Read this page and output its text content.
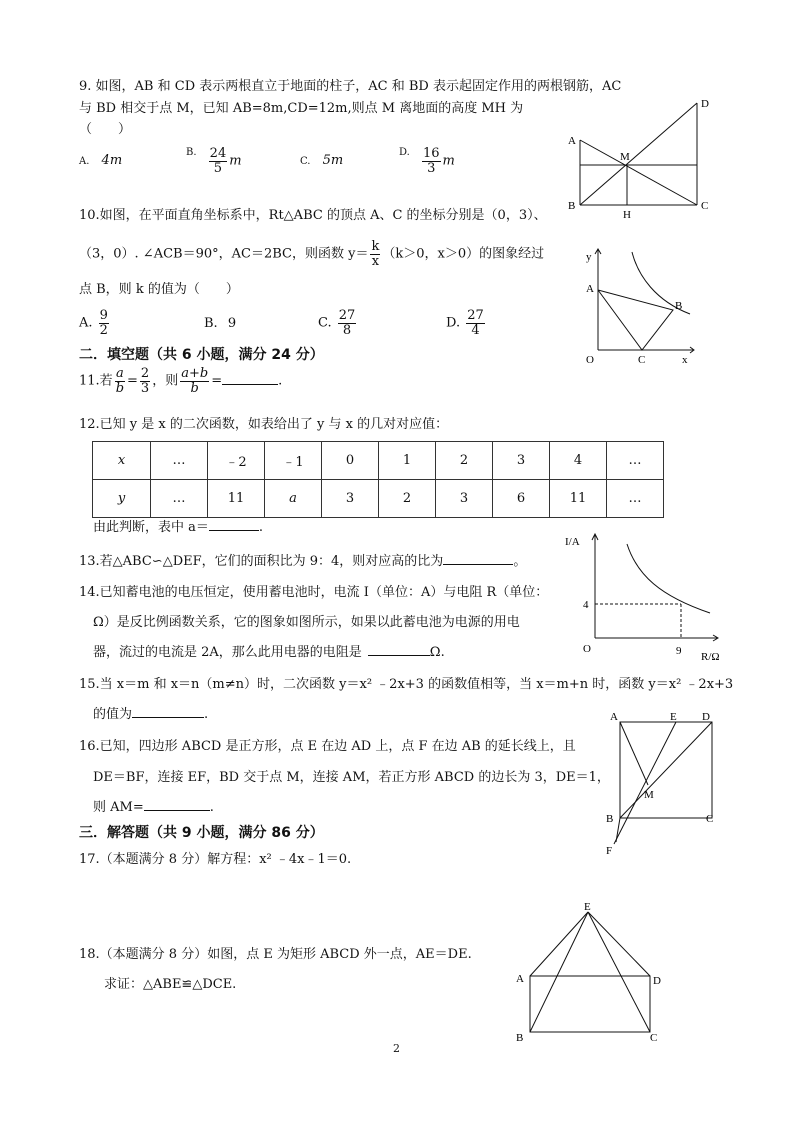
9. 如图，AB 和 CD 表示两根直立于地面的柱子，AC 和 BD 表示起固定作用的两根钢筋，AC
与 BD 相交于点 M，已知 AB=8m,CD=12m,则点 M 离地面的高度 MH 为
（　　）
A. 4m
$^{B.} \frac{24}{5}$ m	C. 5m
$^{D.} \frac{16}{3}$ m
A
B	C
D
M
H
10.如图，在平面直角坐标系中，Rt△ABC 的顶点 A、C 的坐标分别是（0，3）、
（3，0）. ∠ACB＝90°，AC＝2BC，则函数 $y= \frac{k}{x} (k>0$，x＞0）的图象经过
点 B，则 k 的值为（　　）
A. $\frac{9}{2}$	B. 9	C. $\frac{27}{8}$	D. $\frac{27}{4}$
y
x
O
A
B
C
二．填空题（共 6 小题，满分 24 分）
11.若 $\frac{a}{b} = \frac{2}{3}$ ，则 $\frac{a+b}{b}$ =	.
12.已知 y 是 x 的二次函数，如表给出了 y 与 x 的几对对应值：
x	…	﹣2	﹣1	0	1	2	3	4	…
y	…	11	a	3	2	3	6	11	…
由此判断，表中 a＝	.
13.若△ABC∽△DEF，它们的面积比为 9：4，则对应高的比为	。
14.已知蓄电池的电压恒定，使用蓄电池时，电流 I（单位：A）与电阻 R（单位：
Ω）是反比例函数关系，它的图象如图所示，如果以此蓄电池为电源的用电
器，流过的电流是 2A，那么此用电器的电阻是	Ω.
I/A
R/Ω
O
4
9
15.当 x＝m 和 x＝n（m≠n）时，二次函数 y＝x² ﹣2x+3 的函数值相等，当 x＝m+n 时，函数 y＝x² ﹣2x+3
的值为	.
16.已知，四边形 ABCD 是正方形，点 E 在边 AD 上，点 F 在边 AB 的延长线上，且
DE＝BF，连接 EF，BD 交于点 M，连接 AM，若正方形 ABCD 的边长为 3，DE＝1，
则 AM=	.
A	E D
M
B	C
F
三．解答题（共 9 小题，满分 86 分）
17.（本题满分 8 分）解方程：x² ﹣4x﹣1＝0.
18.（本题满分 8 分）如图，点 E 为矩形 ABCD 外一点，AE＝DE.
求证：△ABE≌△DCE.
E
A	D
B	C
2
